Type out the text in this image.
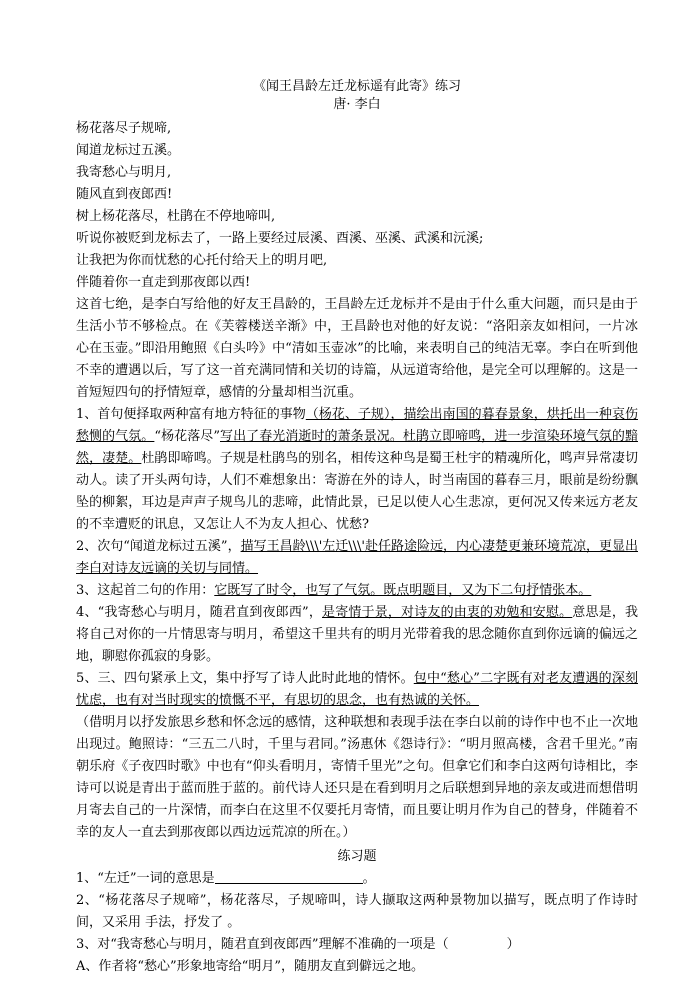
《闻王昌龄左迁龙标遥有此寄》练习

唐· 李白

杨花落尽子规啼,

闻道龙标过五溪。

我寄愁心与明月,

随风直到夜郎西!

树上杨花落尽，杜鹃在不停地啼叫,

听说你被贬到龙标去了，一路上要经过辰溪、酉溪、巫溪、武溪和沅溪;

让我把为你而忧愁的心托付给天上的明月吧,

伴随着你一直走到那夜郎以西!

这首七绝，是李白写给他的好友王昌龄的，王昌龄左迁龙标并不是由于什么重大问题，而只是由于生活小节不够检点。在《芙蓉楼送辛渐》中，王昌龄也对他的好友说：“洛阳亲友如相问，一片冰心在玉壶。”即沿用鲍照《白头吟》中“清如玉壶冰”的比喻，来表明自己的纯洁无辜。李白在听到他不幸的遭遇以后，写了这一首充满同情和关切的诗篇，从远道寄给他，是完全可以理解的。这是一首短短四句的抒情短章，感情的分量却相当沉重。

1、首句便择取两种富有地方特征的事物（杨花、子规），描绘出南国的暮春景象，烘托出一种哀伤愁恻的气氛。“杨花落尽”写出了春光消逝时的萧条景况。杜鹃立即啼鸣，进一步渲染环境气氛的黯然，凄楚。杜鹃即啼鸣。子规是杜鹃鸟的别名，相传这种鸟是蜀王杜宇的精魂所化，鸣声异常凄切动人。读了开头两句诗，人们不难想象出：寄游在外的诗人，时当南国的暮春三月，眼前是纷纷飘坠的柳絮，耳边是声声子规鸟儿的悲啼，此情此景，已足以使人心生悲凉，更何况又传来远方老友的不幸遭贬的讯息，又怎让人不为友人担心、忧愁?

2、次句“闻道龙标过五溪”，描写王昌龄\\\'左迁\\\'赴任路途险远，内心凄楚更兼环境荒凉，更显出李白对诗友远谪的关切与同情。

3、这起首二句的作用：它既写了时令，也写了气氛。既点明题目，又为下二句抒情张本。

4、“我寄愁心与明月，随君直到夜郎西”，是寄情于景，对诗友的由衷的劝勉和安慰。意思是，我将自己对你的一片情思寄与明月，希望这千里共有的明月光带着我的思念随你直到你远谪的偏远之地，聊慰你孤寂的身影。

5、三、四句紧承上文，集中抒写了诗人此时此地的情怀。包中“愁心”二字既有对老友遭遇的深刻忧虑，也有对当时现实的愤慨不平，有思切的思念，也有热诚的关怀。

（借明月以抒发旅思乡愁和怀念远的感情，这种联想和表现手法在李白以前的诗作中也不止一次地出现过。鲍照诗：“三五二八时，千里与君同。”汤惠休《怨诗行》：“明月照高楼，含君千里光。”南朝乐府《子夜四时歌》中也有“仰头看明月，寄情千里光”之句。但拿它们和李白这两句诗相比，李诗可以说是青出于蓝而胜于蓝的。前代诗人还只是在看到明月之后联想到异地的亲友或进而想借明月寄去自己的一片深情，而李白在这里不仅要托月寄情，而且要让明月作为自己的替身，伴随着不幸的友人一直去到那夜郎以西边远荒凉的所在。）

练习题

1、“左迁”一词的意思是	。

2、“杨花落尽子规啼”，杨花落尽，子规啼叫，诗人撷取这两种景物加以描写，既点明了作诗时间，又采用 手法，抒发了 。

3、对“我寄愁心与明月，随君直到夜郎西”理解不准确的一项是（	）

A、作者将“愁心”形象地寄给“明月”，随朋友直到僻远之地。
